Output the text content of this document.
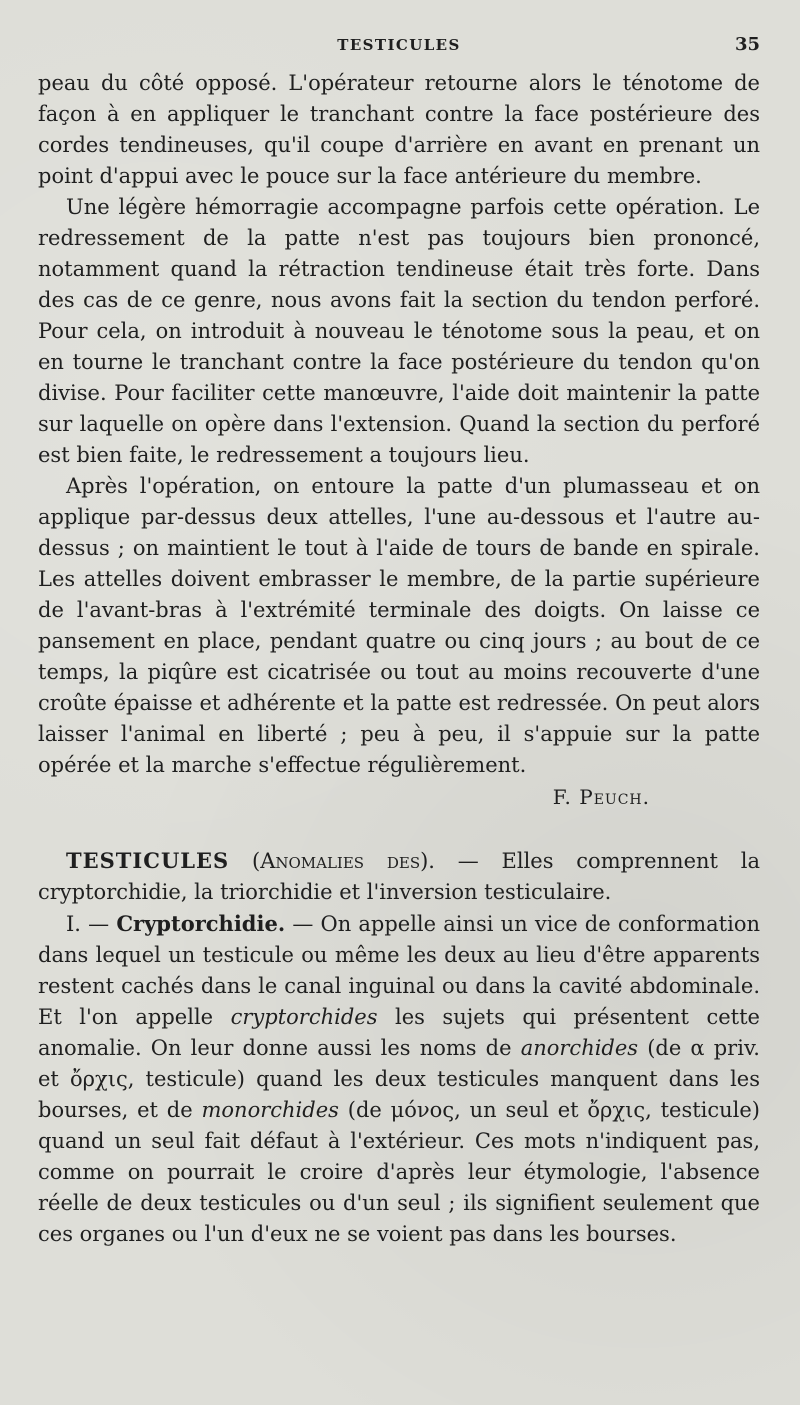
TESTICULES	35

peau du côté opposé. L'opérateur retourne alors le ténotome de façon à en appliquer le tranchant contre la face postérieure des cordes tendineuses, qu'il coupe d'arrière en avant en prenant un point d'appui avec le pouce sur la face antérieure du membre.

Une légère hémorragie accompagne parfois cette opération. Le redressement de la patte n'est pas toujours bien prononcé, notamment quand la rétraction tendineuse était très forte. Dans des cas de ce genre, nous avons fait la section du tendon perforé. Pour cela, on introduit à nouveau le ténotome sous la peau, et on en tourne le tranchant contre la face postérieure du tendon qu'on divise. Pour faciliter cette manœuvre, l'aide doit maintenir la patte sur laquelle on opère dans l'extension. Quand la section du perforé est bien faite, le redressement a toujours lieu.

Après l'opération, on entoure la patte d'un plumasseau et on applique par-dessus deux attelles, l'une au-dessous et l'autre au-dessus ; on maintient le tout à l'aide de tours de bande en spirale. Les attelles doivent embrasser le membre, de la partie supérieure de l'avant-bras à l'extrémité terminale des doigts. On laisse ce pansement en place, pendant quatre ou cinq jours ; au bout de ce temps, la piqûre est cicatrisée ou tout au moins recouverte d'une croûte épaisse et adhérente et la patte est redressée. On peut alors laisser l'animal en liberté ; peu à peu, il s'appuie sur la patte opérée et la marche s'effectue régulièrement.

F. Peuch.

TESTICULES (Anomalies des). — Elles comprennent la cryptorchidie, la triorchidie et l'inversion testiculaire.

I. — Cryptorchidie. — On appelle ainsi un vice de conformation dans lequel un testicule ou même les deux au lieu d'être apparents restent cachés dans le canal inguinal ou dans la cavité abdominale. Et l'on appelle cryptorchides les sujets qui présentent cette anomalie. On leur donne aussi les noms de anorchides (de α priv. et ὄρχις, testicule) quand les deux testicules manquent dans les bourses, et de monorchides (de μόνος, un seul et ὄρχις, testicule) quand un seul fait défaut à l'extérieur. Ces mots n'indiquent pas, comme on pourrait le croire d'après leur étymologie, l'absence réelle de deux testicules ou d'un seul ; ils signifient seulement que ces organes ou l'un d'eux ne se voient pas dans les bourses.
